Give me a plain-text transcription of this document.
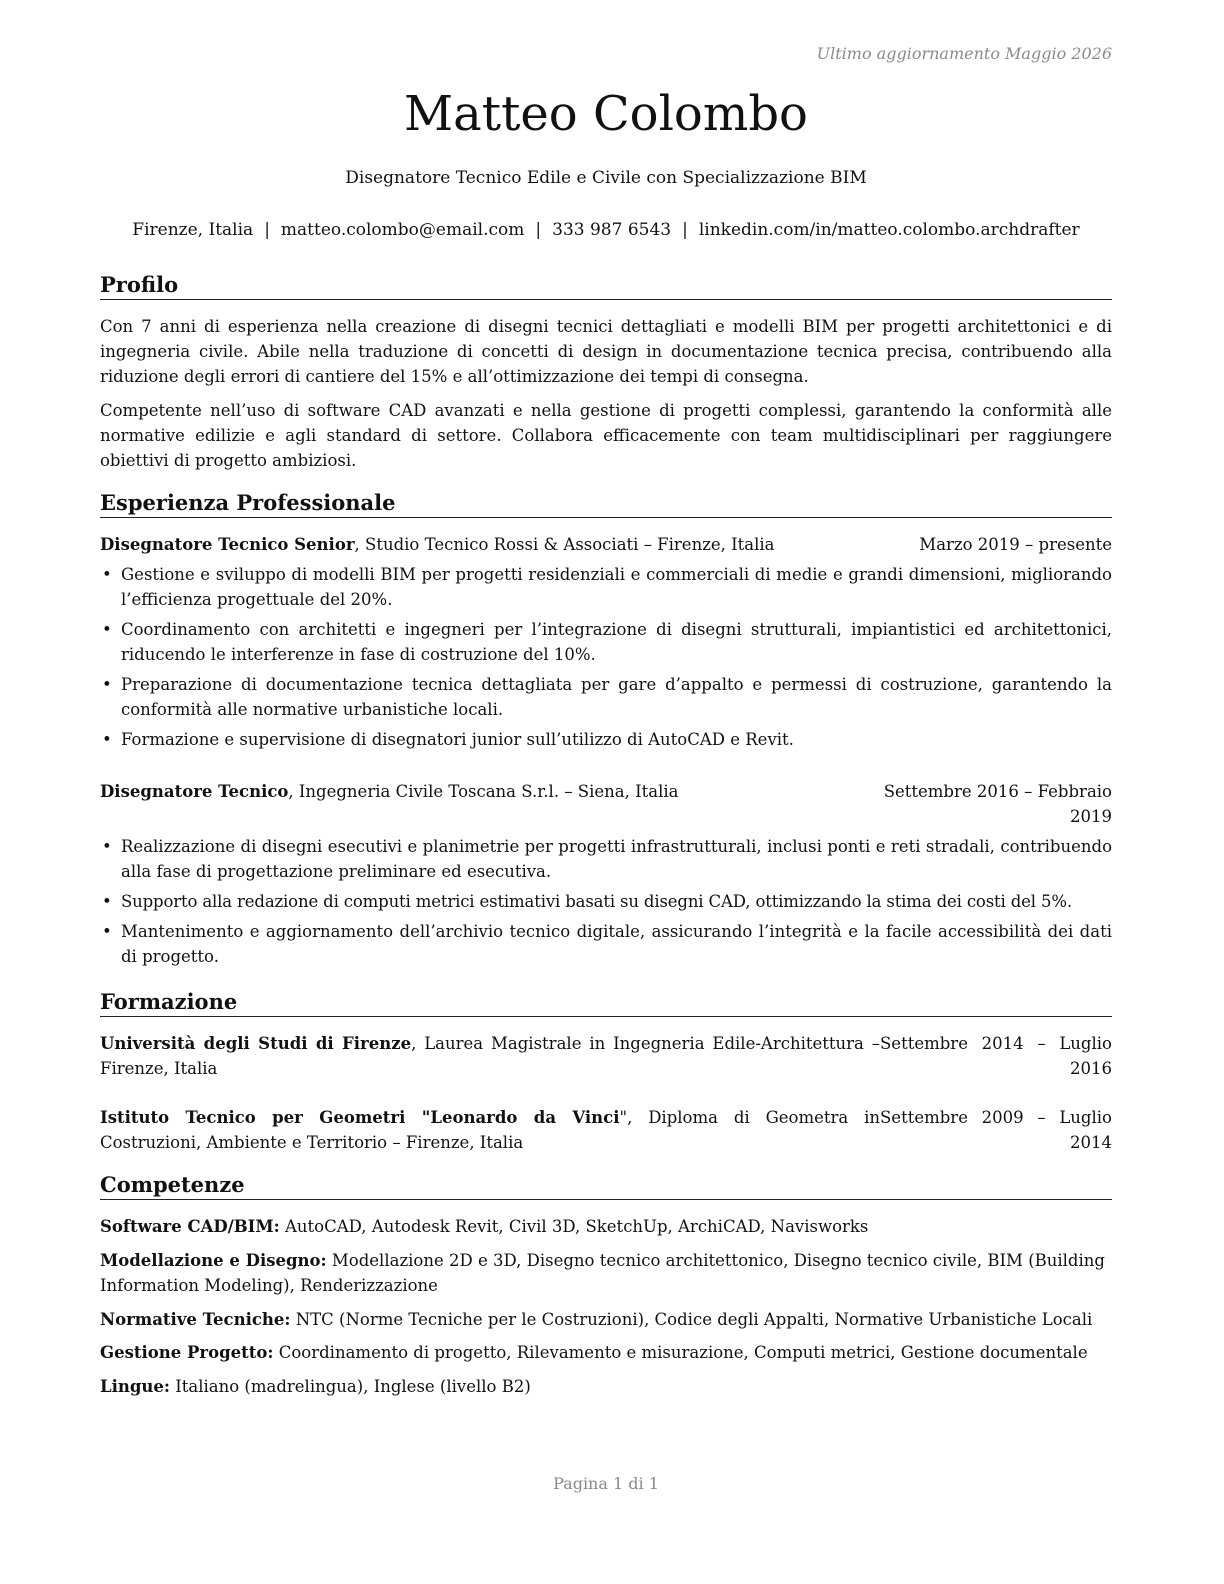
Ultimo aggiornamento Maggio 2026
Matteo Colombo
Disegnatore Tecnico Edile e Civile con Specializzazione BIM
Firenze, Italia | matteo.colombo@email.com | 333 987 6543 | linkedin.com/in/matteo.colombo.archdrafter
Profilo

Con 7 anni di esperienza nella creazione di disegni tecnici dettagliati e modelli BIM per progetti architettonici e di ingegneria civile. Abile nella traduzione di concetti di design in documentazione tecnica precisa, contribuendo alla riduzione degli errori di cantiere del 15% e all’ottimizzazione dei tempi di consegna.

Competente nell’uso di software CAD avanzati e nella gestione di progetti complessi, garantendo la conformità alle normative edilizie e agli standard di settore. Collabora efficacemente con team multidisciplinari per raggiungere obiettivi di progetto ambiziosi.

Esperienza Professionale
Disegnatore Tecnico Senior, Studio Tecnico Rossi & Associati – Firenze, Italia	Marzo 2019 – presente
• Gestione e sviluppo di modelli BIM per progetti residenziali e commerciali di medie e grandi dimensioni, migliorando l’efficienza progettuale del 20%.
• Coordinamento con architetti e ingegneri per l’integrazione di disegni strutturali, impiantistici ed architettonici, riducendo le interferenze in fase di costruzione del 10%.
• Preparazione di documentazione tecnica dettagliata per gare d’appalto e permessi di costruzione, garantendo la conformità alle normative urbanistiche locali.
• Formazione e supervisione di disegnatori junior sull’utilizzo di AutoCAD e Revit.
Disegnatore Tecnico, Ingegneria Civile Toscana S.r.l. – Siena, Italia	Settembre 2016 – Febbraio 2019
• Realizzazione di disegni esecutivi e planimetrie per progetti infrastrutturali, inclusi ponti e reti stradali, contribuendo alla fase di progettazione preliminare ed esecutiva.
• Supporto alla redazione di computi metrici estimativi basati su disegni CAD, ottimizzando la stima dei costi del 5%.
• Mantenimento e aggiornamento dell’archivio tecnico digitale, assicurando l’integrità e la facile accessibilità dei dati di progetto.
Formazione
Università degli Studi di Firenze, Laurea Magistrale in Ingegneria Edile-Architettura – Firenze, Italia
Settembre 2014 – Luglio 2016
Istituto Tecnico per Geometri "Leonardo da Vinci", Diploma di Geometra in Costruzioni, Ambiente e Territorio – Firenze, Italia
Settembre 2009 – Luglio 2014
Competenze
Software CAD/BIM: AutoCAD, Autodesk Revit, Civil 3D, SketchUp, ArchiCAD, Navisworks
Modellazione e Disegno: Modellazione 2D e 3D, Disegno tecnico architettonico, Disegno tecnico civile, BIM (Building Information Modeling), Renderizzazione
Normative Tecniche: NTC (Norme Tecniche per le Costruzioni), Codice degli Appalti, Normative Urbanistiche Locali
Gestione Progetto: Coordinamento di progetto, Rilevamento e misurazione, Computi metrici, Gestione documentale
Lingue: Italiano (madrelingua), Inglese (livello B2)
Pagina 1 di 1
